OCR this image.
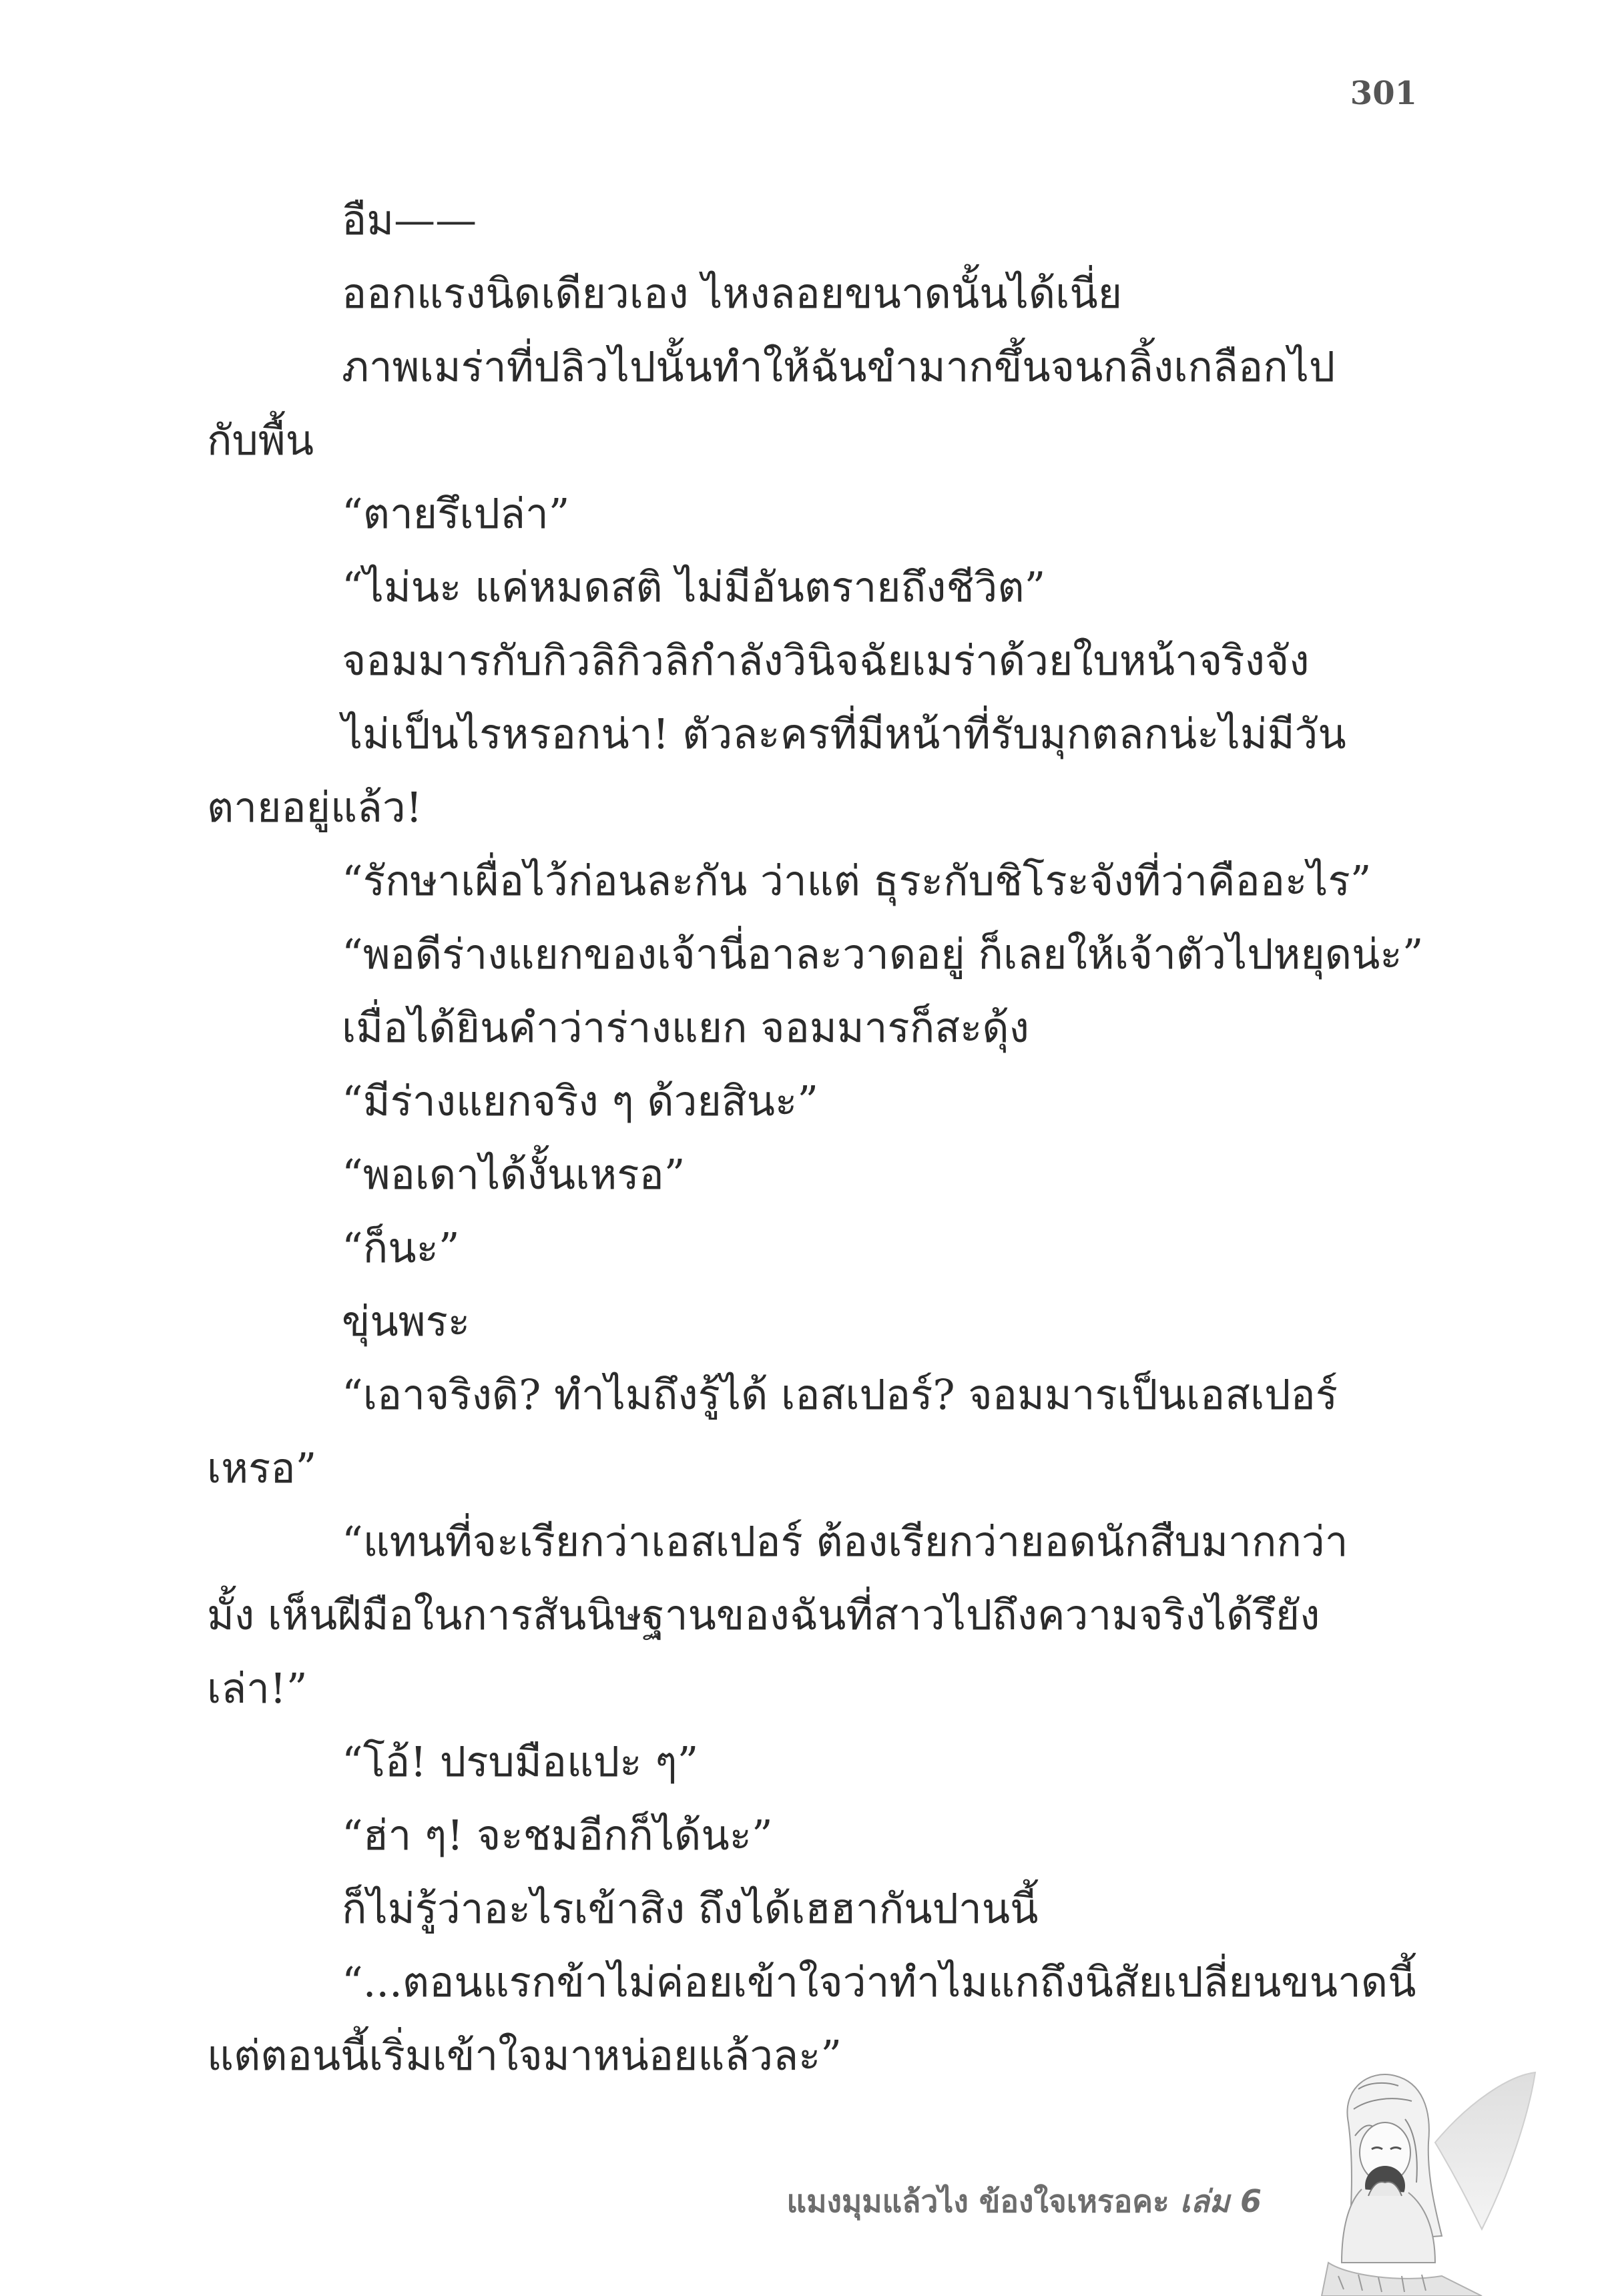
301
อืม——
ออกแรงนิดเดียวเอง ไหงลอยขนาดนั้นได้เนี่ย
ภาพเมร่าที่ปลิวไปนั้นทำให้ฉันขำมากขึ้นจนกลิ้งเกลือกไป
กับพื้น
“ตายรึเปล่า”
“ไม่นะ แค่หมดสติ ไม่มีอันตรายถึงชีวิต”
จอมมารกับกิวลิกิวลิกำลังวินิจฉัยเมร่าด้วยใบหน้าจริงจัง
ไม่เป็นไรหรอกน่า! ตัวละครที่มีหน้าที่รับมุกตลกน่ะไม่มีวัน
ตายอยู่แล้ว!
“รักษาเผื่อไว้ก่อนละกัน ว่าแต่ ธุระกับชิโระจังที่ว่าคืออะไร”
“พอดีร่างแยกของเจ้านี่อาละวาดอยู่ ก็เลยให้เจ้าตัวไปหยุดน่ะ”
เมื่อได้ยินคำว่าร่างแยก จอมมารก็สะดุ้ง
“มีร่างแยกจริง ๆ ด้วยสินะ”
“พอเดาได้งั้นเหรอ”
“ก็นะ”
ขุ่นพระ
“เอาจริงดิ? ทำไมถึงรู้ได้ เอสเปอร์? จอมมารเป็นเอสเปอร์
เหรอ”
“แทนที่จะเรียกว่าเอสเปอร์ ต้องเรียกว่ายอดนักสืบมากกว่า
มั้ง เห็นฝีมือในการสันนิษฐานของฉันที่สาวไปถึงความจริงได้รึยัง
เล่า!”
“โอ้! ปรบมือแปะ ๆ”
“ฮ่า ๆ! จะชมอีกก็ได้นะ”
ก็ไม่รู้ว่าอะไรเข้าสิง ถึงได้เฮฮากันปานนี้
“...ตอนแรกข้าไม่ค่อยเข้าใจว่าทำไมแกถึงนิสัยเปลี่ยนขนาดนี้
แต่ตอนนี้เริ่มเข้าใจมาหน่อยแล้วละ”
แมงมุมแล้วไง ข้องใจเหรอคะ เล่ม 6
